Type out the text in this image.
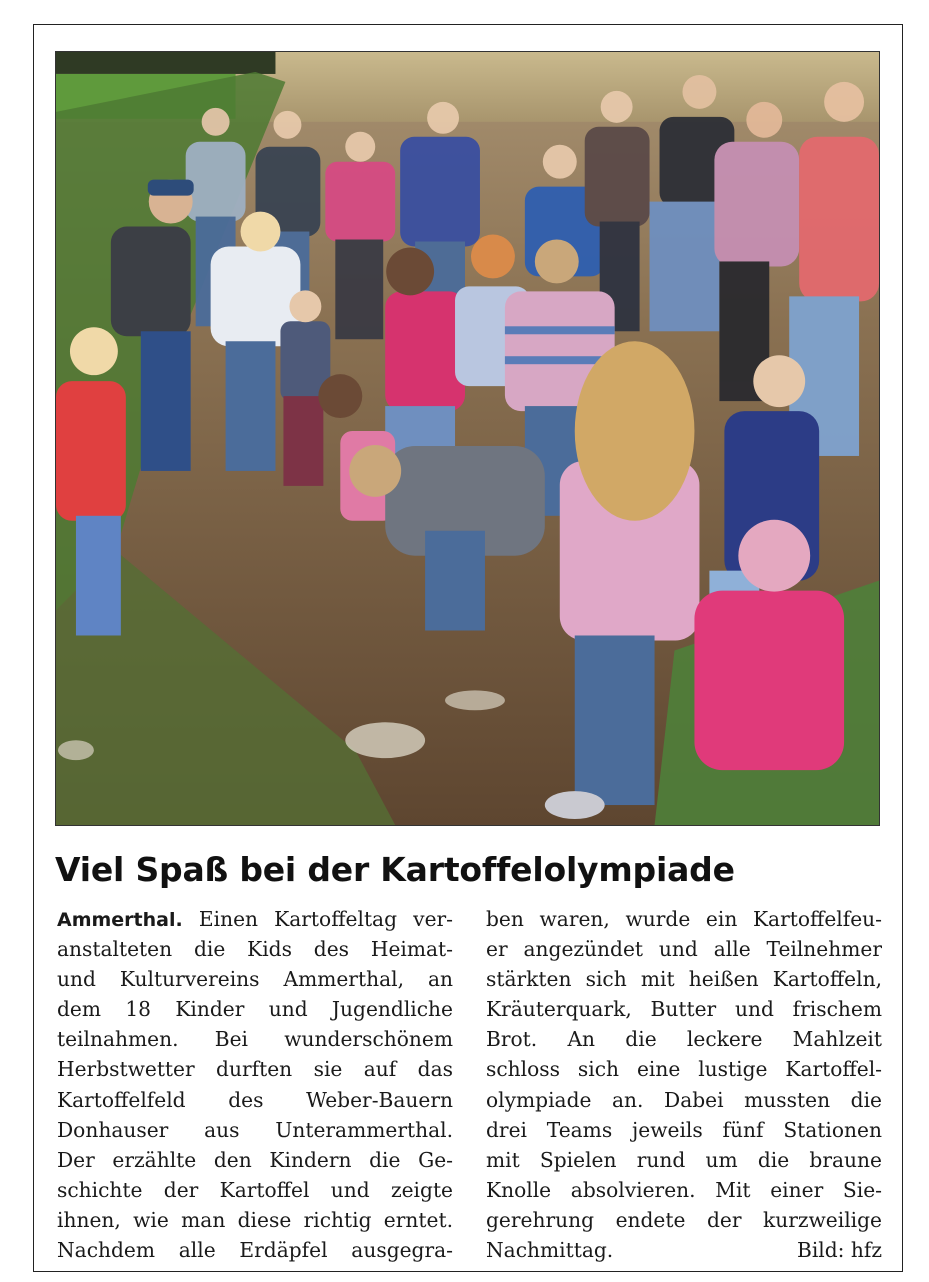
Viel Spaß bei der Kartoffelolympiade
Ammerthal. Einen Kartoffeltag ver-
anstalteten die Kids des Heimat-
und Kulturvereins Ammerthal, an
dem 18 Kinder und Jugendliche
teilnahmen. Bei wunderschönem
Herbstwetter durften sie auf das
Kartoffelfeld des Weber-Bauern
Donhauser aus Unterammerthal.
Der erzählte den Kindern die Ge-
schichte der Kartoffel und zeigte
ihnen, wie man diese richtig erntet.
Nachdem alle Erdäpfel ausgegra-
ben waren, wurde ein Kartoffelfeu-
er angezündet und alle Teilnehmer
stärkten sich mit heißen Kartoffeln,
Kräuterquark, Butter und frischem
Brot. An die leckere Mahlzeit
schloss sich eine lustige Kartoffel-
olympiade an. Dabei mussten die
drei Teams jeweils fünf Stationen
mit Spielen rund um die braune
Knolle absolvieren. Mit einer Sie-
gerehrung endete der kurzweilige
Nachmittag.	Bild: hfz
